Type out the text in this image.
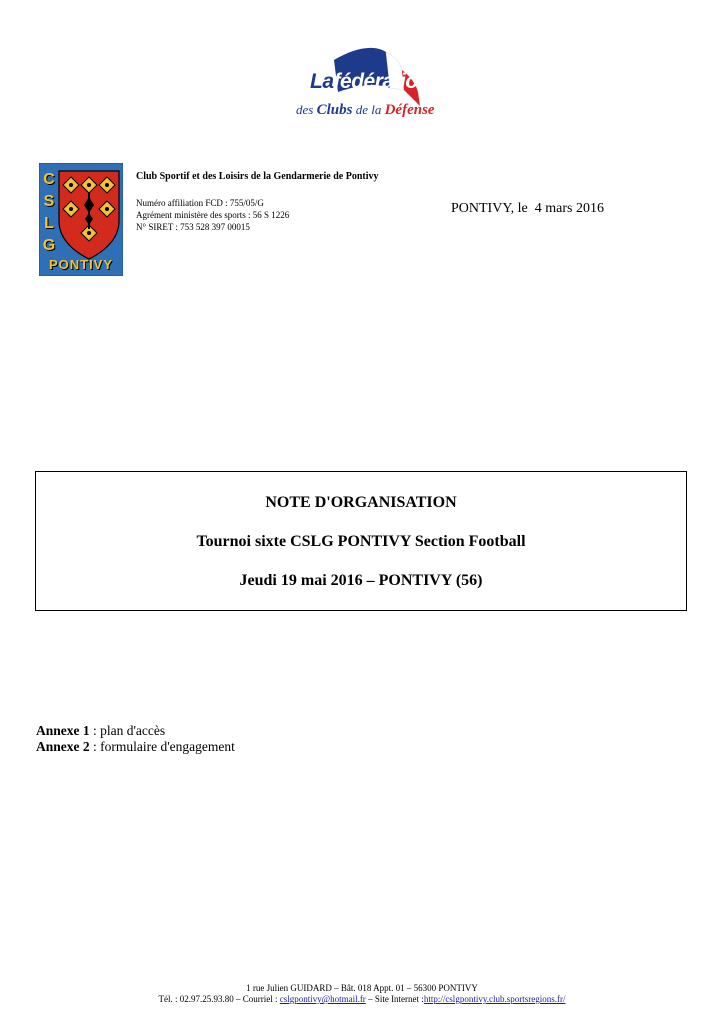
Lafédération
des Clubs de la Défense
C
S
L
G
PONTIVY
Club Sportif et des Loisirs de la Gendarmerie de Pontivy
Numéro affiliation FCD : 755/05/G
Agrément ministère des sports : 56 S 1226
N° SIRET : 753 528 397 00015
PONTIVY, le  4 mars 2016
NOTE D'ORGANISATION
Tournoi sixte CSLG PONTIVY Section Football
Jeudi 19 mai 2016 – PONTIVY (56)
Annexe 1 : plan d'accès
Annexe 2 : formulaire d'engagement
1 rue Julien GUIDARD – Bât. 018 Appt. 01 – 56300 PONTIVY
Tél. : 02.97.25.93.80 – Courriel : cslgpontivy@hotmail.fr – Site Internet :http://cslgpontivy.club.sportsregions.fr/
